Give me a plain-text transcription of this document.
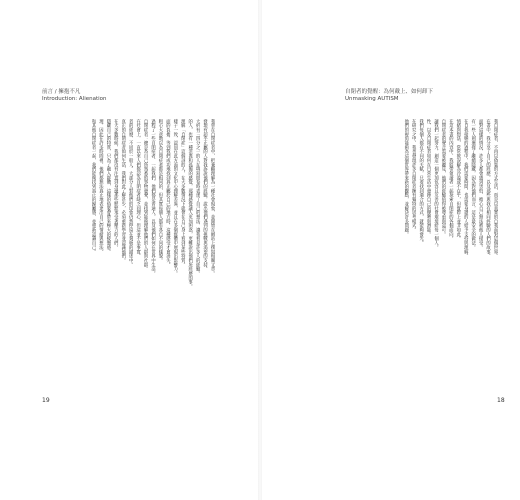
前言 / 擁抱不凡
Introduction: Alienation
我曾在自閉症者中，把兼顧理解為一種社會現象，並開始在網站上撰寫相關文章。
發現有超乎正屬的人對我訴說他們的經驗，說出他們遇到的挑戰與渴望的支持。
大約有三四分之一的人在填寫問卷時表達了自己的想法，讓我看見許多人的經驗。
的人，也有一種沮喪和孤獨的感覺，那種感覺讓人更加困惑，更難說出他們所經歷的事。
理解「自閉症」這個詞的人，在大多數情況下就會在自己身上看到某些特質。
樣子一致，認同在此方面的文化中心理解差異，並且在多個群體中展現出影響力。
面的負擔，等到我們成功地找到真正屬於自己的地方時，這種感受才會消失。
粗心大意地以為自閉症者都是相同的，但其實每個人都有各自不同的樣貌。
過程了一些自閉症者、一起我們，他們都是普通人，以及他們如何在世界中生活。
自閉症者：總是為自己所熟悉的事物發聲，並找到能夠理解他們的人群與社群。
在社會上，一直以來人們都認為自閉症者缺乏同理心，但這並不是事實。
者的經歷，不同於一般人。大部分人對他們的印象仍然停留在刻板的描述中。
真正的自閉症者如何生活，我們對此了解甚少，必須重新學習並認識他們。
在大多數時候，我們都沒有注意到身邊那些默默承受著壓力的人們。
隱藏自己的特質，只為了融入群體，這樣的偽裝會帶來極大的疲憊感。
理，因此在許多時間裡，他們都無法真正地表達出自己的情緒與想法。
和其他自閉症者一起，我們能夠找到真正的歸屬感，並重新認識自己。
19
自閉者的覺醒：為何戴上、如何卸下
Unmasking AUTISM
我自閉症者，不再以偽裝的方式生活，而是以真實的自我面對這個世界。
在書中，我分享了自己的經歷，以及那些與我有相同經驗的人們的故事。
面對這樣的情況，許多人都會感到害怕，擔心自己無法被他人接受。
有一些人則選擇了繼續隱藏，因為對他們而言，這是最安全的做法。
在自我接納的過程中，我們需要時間，也需要身邊的人給予支持與理解。
情緒與想法，常常被誤解為冷漠或不在乎，但實際上並非如此。
在這本書的內容中，我將帶領讀者一起探索自閉症的各個面向。
自閉症者的聲音需要被聽見，他們的經驗值得被尊重與認可。
讓我們一起努力，創造一個更加包容且友善的社會環境給每一個人。
性，以及自閉症者如何在日常生活中發揮自己的優勢與潛能。
我們每個人都有不同的天賦，只要找到適合的方式，就能夠發光。
在研究之中，我也發現許多自閉症者擁有獨特的思考模式。
他們的視角能夠為這個世界帶來新的觀點，並解決許多問題。
18
